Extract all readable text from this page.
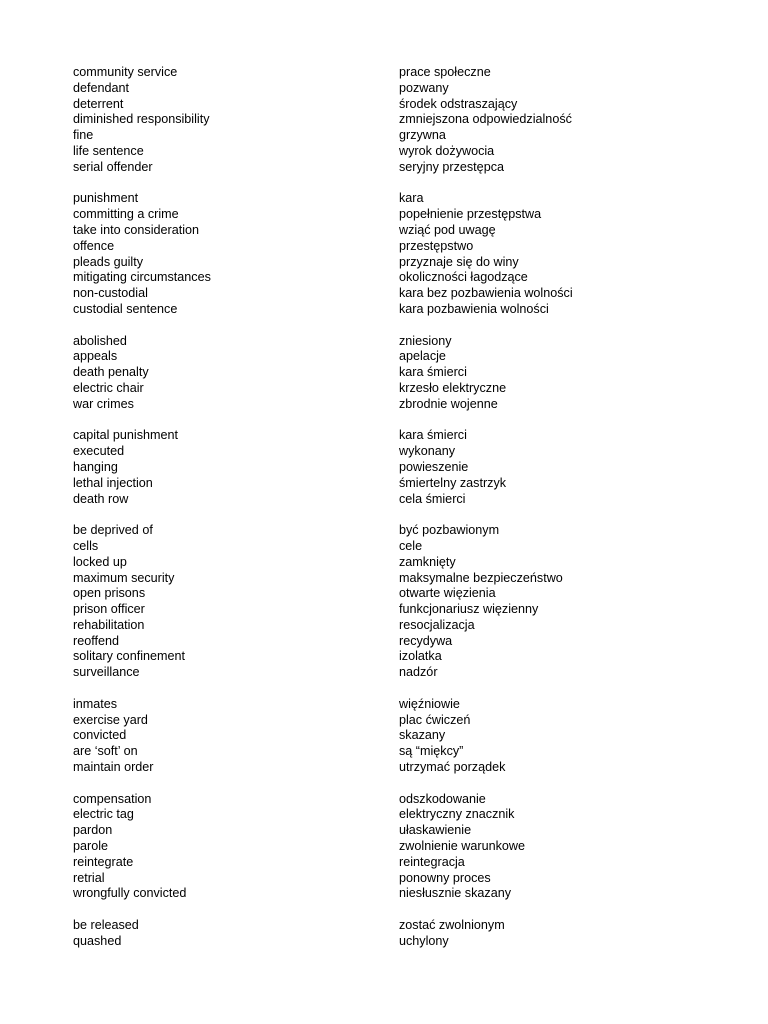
community service
defendant
deterrent
diminished responsibility
fine
life sentence
serial offender
punishment
committing a crime
take into consideration
offence
pleads guilty
mitigating circumstances
non-custodial
custodial sentence
abolished
appeals
death penalty
electric chair
war crimes
capital punishment
executed
hanging
lethal injection
death row
be deprived of
cells
locked up
maximum security
open prisons
prison officer
rehabilitation
reoffend
solitary confinement
surveillance
inmates
exercise yard
convicted
are ‘soft’ on
maintain order
compensation
electric tag
pardon
parole
reintegrate
retrial
wrongfully convicted
be released
quashed
prace społeczne
pozwany
środek odstraszający
zmniejszona odpowiedzialność
grzywna
wyrok dożywocia
seryjny przestępca
kara
popełnienie przestępstwa
wziąć pod uwagę
przestępstwo
przyznaje się do winy
okoliczności łagodzące
kara bez pozbawienia wolności
kara pozbawienia wolności
zniesiony
apelacje
kara śmierci
krzesło elektryczne
zbrodnie wojenne
kara śmierci
wykonany
powieszenie
śmiertelny zastrzyk
cela śmierci
być pozbawionym
cele
zamknięty
maksymalne bezpieczeństwo
otwarte więzienia
funkcjonariusz więzienny
resocjalizacja
recydywa
izolatka
nadzór
więźniowie
plac ćwiczeń
skazany
są “miękcy”
utrzymać porządek
odszkodowanie
elektryczny znacznik
ułaskawienie
zwolnienie warunkowe
reintegracja
ponowny proces
niesłusznie skazany
zostać zwolnionym
uchylony
